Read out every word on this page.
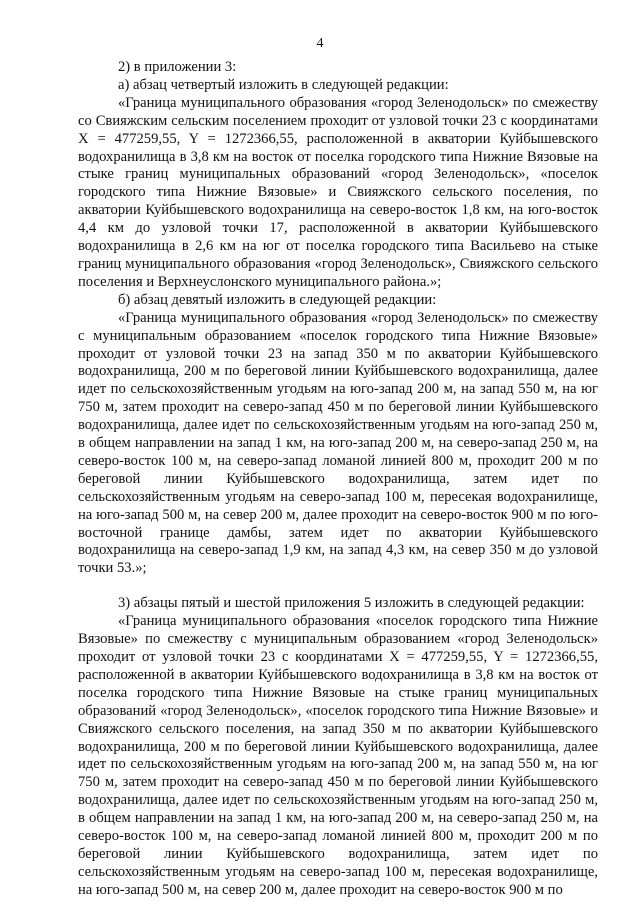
4

2) в приложении 3:

а) абзац четвертый изложить в следующей редакции:

«Граница муниципального образования «город Зеленодольск» по смежеству со Свияжским сельским поселением проходит от узловой точки 23 с координатами X = 477259,55, Y = 1272366,55, расположенной в акватории Куйбышевского водохранилища в 3,8 км на восток от поселка городского типа Нижние Вязовые на стыке границ муниципальных образований «город Зеленодольск», «поселок городского типа Нижние Вязовые» и Свияжского сельского поселения, по акватории Куйбышевского водохранилища на северо-восток 1,8 км, на юго-восток 4,4 км до узловой точки 17, расположенной в акватории Куйбышевского водохранилища в 2,6 км на юг от поселка городского типа Васильево на стыке границ муниципального образования «город Зеленодольск», Свияжского сельского поселения и Верхнеуслонского муниципального района.»;

б) абзац девятый изложить в следующей редакции:

«Граница муниципального образования «город Зеленодольск» по смежеству с муниципальным образованием «поселок городского типа Нижние Вязовые» проходит от узловой точки 23 на запад 350 м по акватории Куйбышевского водохранилища, 200 м по береговой линии Куйбышевского водохранилища, далее идет по сельскохозяйственным угодьям на юго-запад 200 м, на запад 550 м, на юг 750 м, затем проходит на северо-запад 450 м по береговой линии Куйбышевского водохранилища, далее идет по сельскохозяйственным угодьям на юго-запад 250 м, в общем направлении на запад 1 км, на юго-запад 200 м, на северо-запад 250 м, на северо-восток 100 м, на северо-запад ломаной линией 800 м, проходит 200 м по береговой линии Куйбышевского водохранилища, затем идет по сельскохозяйственным угодьям на северо-запад 100 м, пересекая водохранилище, на юго-запад 500 м, на север 200 м, далее проходит на северо-восток 900 м по юго-восточной границе дамбы, затем идет по акватории Куйбышевского водохранилища на северо-запад 1,9 км, на запад 4,3 км, на север 350 м до узловой точки 53.»;

3) абзацы пятый и шестой приложения 5 изложить в следующей редакции:

«Граница муниципального образования «поселок городского типа Нижние Вязовые» по смежеству с муниципальным образованием «город Зеленодольск» проходит от узловой точки 23 с координатами X = 477259,55, Y = 1272366,55, расположенной в акватории Куйбышевского водохранилища в 3,8 км на восток от поселка городского типа Нижние Вязовые на стыке границ муниципальных образований «город Зеленодольск», «поселок городского типа Нижние Вязовые» и Свияжского сельского поселения, на запад 350 м по акватории Куйбышевского водохранилища, 200 м по береговой линии Куйбышевского водохранилища, далее идет по сельскохозяйственным угодьям на юго-запад 200 м, на запад 550 м, на юг 750 м, затем проходит на северо-запад 450 м по береговой линии Куйбышевского водохранилища, далее идет по сельскохозяйственным угодьям на юго-запад 250 м, в общем направлении на запад 1 км, на юго-запад 200 м, на северо-запад 250 м, на северо-восток 100 м, на северо-запад ломаной линией 800 м, проходит 200 м по береговой линии Куйбышевского водохранилища, затем идет по сельскохозяйственным угодьям на северо-запад 100 м, пересекая водохранилище, на юго-запад 500 м, на север 200 м, далее проходит на северо-восток 900 м по
